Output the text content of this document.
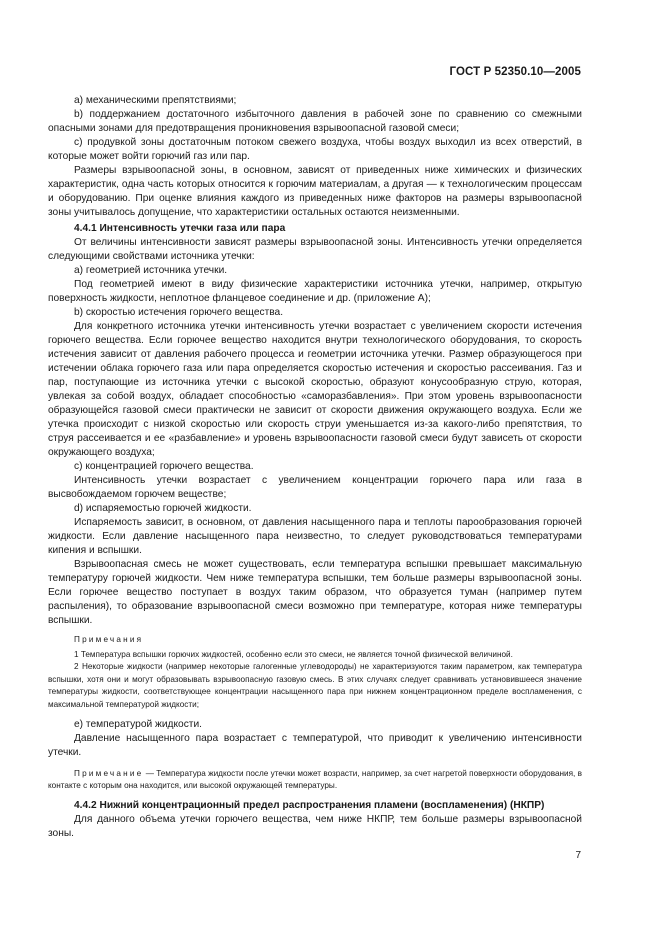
ГОСТ Р 52350.10—2005

а) механическими препятствиями;

b) поддержанием достаточного избыточного давления в рабочей зоне по сравнению со смежными опасными зонами для предотвращения проникновения взрывоопасной газовой смеси;

c) продувкой зоны достаточным потоком свежего воздуха, чтобы воздух выходил из всех отверстий, в которые может войти горючий газ или пар.

Размеры взрывоопасной зоны, в основном, зависят от приведенных ниже химических и физических характеристик, одна часть которых относится к горючим материалам, а другая — к технологическим процессам и оборудованию. При оценке влияния каждого из приведенных ниже факторов на размеры взрывоопасной зоны учитывалось допущение, что характеристики остальных остаются неизменными.

4.4.1 Интенсивность утечки газа или пара

От величины интенсивности зависят размеры взрывоопасной зоны. Интенсивность утечки определяется следующими свойствами источника утечки:

а) геометрией источника утечки.

Под геометрией имеют в виду физические характеристики источника утечки, например, открытую поверхность жидкости, неплотное фланцевое соединение и др. (приложение А);

b) скоростью истечения горючего вещества.

Для конкретного источника утечки интенсивность утечки возрастает с увеличением скорости истечения горючего вещества. Если горючее вещество находится внутри технологического оборудования, то скорость истечения зависит от давления рабочего процесса и геометрии источника утечки. Размер образующегося при истечении облака горючего газа или пара определяется скоростью истечения и скоростью рассеивания. Газ и пар, поступающие из источника утечки с высокой скоростью, образуют конусообразную струю, которая, увлекая за собой воздух, обладает способностью «саморазбавления». При этом уровень взрывоопасности образующейся газовой смеси практически не зависит от скорости движения окружающего воздуха. Если же утечка происходит с низкой скоростью или скорость струи уменьшается из-за какого-либо препятствия, то струя рассеивается и ее «разбавление» и уровень взрывоопасности газовой смеси будут зависеть от скорости окружающего воздуха;

c) концентрацией горючего вещества.

Интенсивность утечки возрастает с увеличением концентрации горючего пара или газа в высвобождаемом горючем веществе;

d) испаряемостью горючей жидкости.

Испаряемость зависит, в основном, от давления насыщенного пара и теплоты парообразования горючей жидкости. Если давление насыщенного пара неизвестно, то следует руководствоваться температурами кипения и вспышки.

Взрывоопасная смесь не может существовать, если температура вспышки превышает максимальную температуру горючей жидкости. Чем ниже температура вспышки, тем больше размеры взрывоопасной зоны. Если горючее вещество поступает в воздух таким образом, что образуется туман (например путем распыления), то образование взрывоопасной смеси возможно при температуре, которая ниже температуры вспышки.

Примечания

1 Температура вспышки горючих жидкостей, особенно если это смеси, не является точной физической величиной.

2 Некоторые жидкости (например некоторые галогенные углеводороды) не характеризуются таким параметром, как температура вспышки, хотя они и могут образовывать взрывоопасную газовую смесь. В этих случаях следует сравнивать установившееся значение температуры жидкости, соответствующее концентрации насыщенного пара при нижнем концентрационном пределе воспламенения, с максимальной температурой жидкости;

е) температурой жидкости.

Давление насыщенного пара возрастает с температурой, что приводит к увеличению интенсивности утечки.

Примечание — Температура жидкости после утечки может возрасти, например, за счет нагретой поверхности оборудования, в контакте с которым она находится, или высокой окружающей температуры.

4.4.2 Нижний концентрационный предел распространения пламени (воспламенения) (НКПР)

Для данного объема утечки горючего вещества, чем ниже НКПР, тем больше размеры взрывоопасной зоны.

7
